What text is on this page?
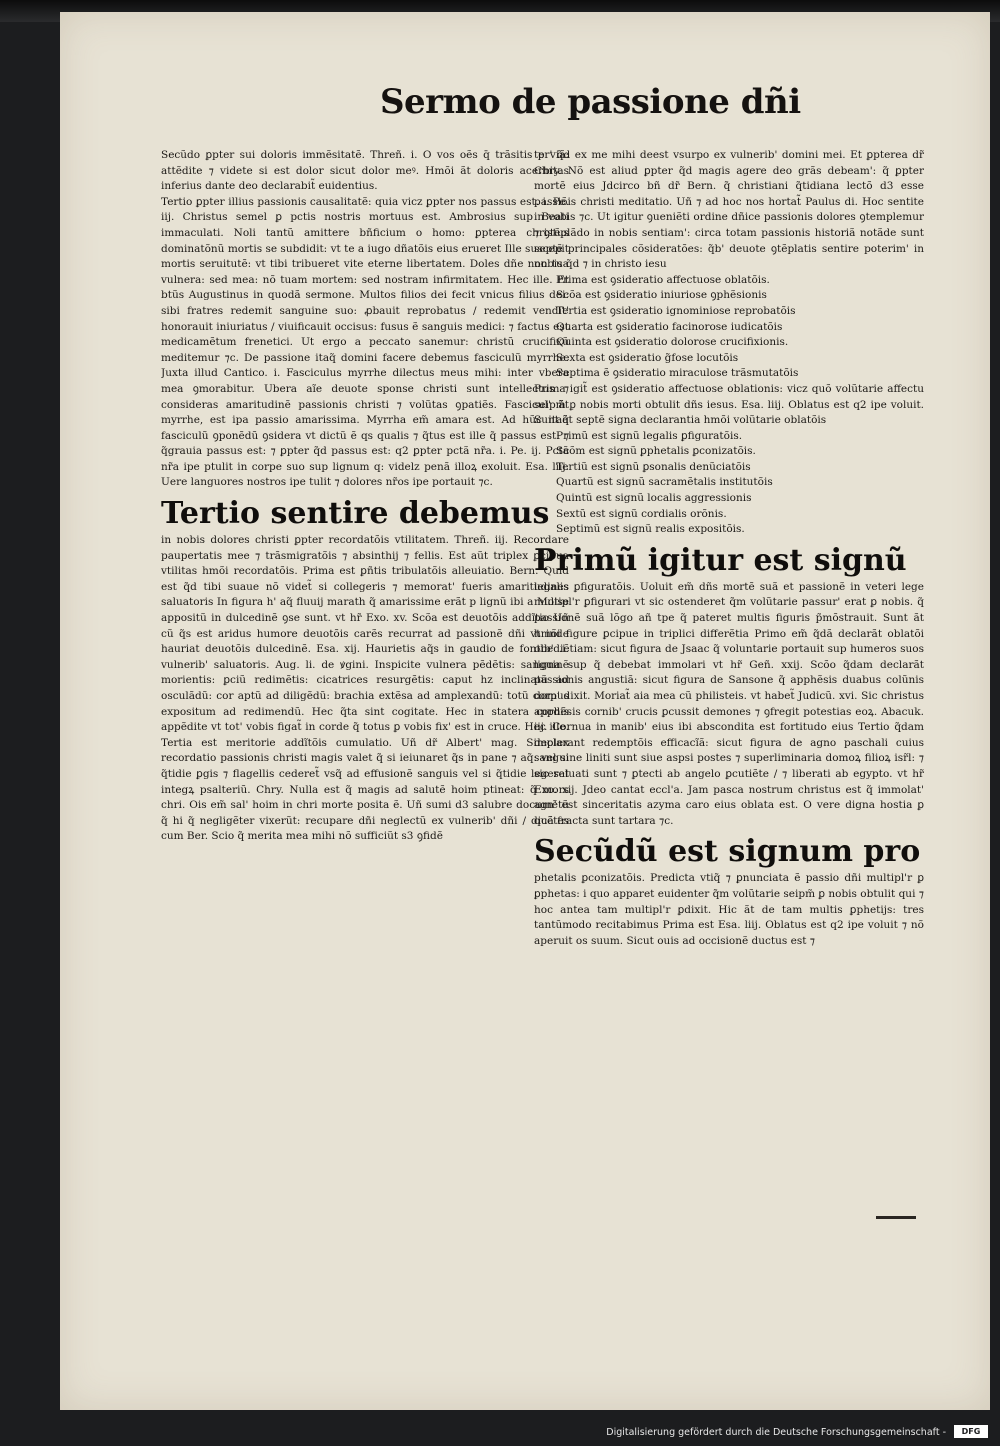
Sermo de passione dñi

Secũdo ꝑpter sui doloris immẽsitatẽ. Threñ. i. O vos oẽs q̄ trãsitis p viã: attẽdite ⁊ videte si est dolor sicut dolor meꝰ. Hmõi ãt doloris acerbitas inferius dante deo declarabit̃ euidentius.

Tertio ꝑpter illius passionis causalitatẽ: quia vicz ꝑpter nos passus est. i. Pe. iij. Christus semel ꝑ pctis nostris mortuus est. Ambrosius sup Beati immaculati. Noli tantũ amittere bñficium o homo: ꝑpterea christus dominatõnũ mortis se subdidit: vt te a iugo dñatõis eius erueret Ille suscepit mortis seruitutẽ: vt tibi tribueret vite eterne libertatem. Doles dñe non tua vulnera: sed mea: nõ tuam mortem: sed nostram infirmitatem. Hec ille. Et btũs Augustinus in quodã sermone. Multos filios dei fecit vnicus filius dei: sibi fratres redemit sanguine suo: ꝓbauit reprobatus / redemit vendit' honorauit iniuriatus / viuificauit occisus: fusus ẽ sanguis medici: ⁊ factus est medicamẽtum frenetici. Ut ergo a peccato sanemur: christũ crucifixũ meditemur ⁊c. De passione itaq̃ domini facere debemus fasciculũ myrrhe. Juxta illud Cantico. i. Fasciculus myrrhe dilectus meus mihi: inter vbera mea ꝯmorabitur. Ubera aĩe deuote sponse christi sunt intellectus ⁊ consideras amaritudinẽ passionis christi ⁊ volũtas ꝯpatiẽs. Fascicul' ãt myrrhe, est ipa passio amarissima. Myrrha em̃ amara est. Ad hũc itaq̃ fasciculũ ꝯponẽdũ ꝯsidera vt dictũ ẽ qs qualis ⁊ q̃tus est ille q̃ passus est: ⁊ q̃grauia passus est: ⁊ ꝑpter q̃d passus est: q2 ꝑpter pctã nr̃a. i. Pe. ij. Pctã nr̃a ipe ptulit in corpe suo sup lignum q: videlz penã illoꝝ exoluit. Esa. liij. Uere languores nostros ipe tulit ⁊ dolores nr̃os ipe portauit ⁊c.

Tertio sentire debemus

in nobis dolores christi ꝑpter recordatõis vtilitatem. Threñ. iij. Recordare paupertatis mee ⁊ trãsmigratõis ⁊ absinthij ⁊ fellis. Est aũt triplex ꝑcipua vtilitas hmõi recordatõis. Prima est ꝑñtis tribulatõis alleuiatio. Bern. Quid est q̃d tibi suaue nõ videt̃ si collegeris ⁊ memorat' fueris amaritudines saluatoris In figura h' aq̃ fluuij marath q̃ amarissime erãt p lignũ ibi a Moise appositũ in dulcedinẽ ꝯse sunt. vt hr̃ Exo. xv. Scõa est deuotõis addĩtio Uñ cũ q̃s est aridus humore deuotõis carẽs recurrat ad passionẽ dñi vt inde hauriat deuotõis dulcedinẽ. Esa. xij. Haurietis aq̃s in gaudio de fontib' .i. vulnerib' saluatoris. Aug. li. de ꝟgini. Inspicite vulnera pẽdẽtis: sanguinẽ morientis: ꝑciũ redimẽtis: cicatrices resurgẽtis: caput hz inclinatũ ad osculãdũ: cor aptũ ad diligẽdũ: brachia extẽsa ad amplexandũ: totũ corpus expositum ad redimendũ. Hec q̃ta sint cogitate. Hec in statera cordis appẽdite vt tot' vobis figat̃ in corde q̃ totus ꝑ vobis fix' est in cruce. Hec ille. Tertia est meritorie addĩtõis cumulatio. Uñ dr̃ Albert' mag. Simplex recordatio passionis christi magis valet q̃ si ieiunaret q̃s in pane ⁊ aq̃: vel si q̃tidie ꝑgis ⁊ flagellis cederet̃ vsq̃ ad effusionẽ sanguis vel si q̃tidie legeret integꝝ psalteriũ. Chry. Nulla est q̃ magis ad salutẽ hoim ptineat: q̃ mors chri. Ois em̃ sal' hoim in chri morte posita ẽ. Uñ sumi d3 salubre documẽtũ q̃ hi q̃ negligẽter vixerũt: recupare dñi neglectũ ex vulnerib' dñi / dicẽtes cum Ber. Scio q̃ merita mea mihi nõ sufficiũt s3 ꝯfidẽ

ter' q̃d ex me mihi deest vsurpo ex vulnerib' domini mei. Et ꝑpterea dr̃ Chry. Nõ est aliud ꝑpter q̃d magis agere deo grãs debeam': q̃ ꝑpter mortẽ eius Jdcirco bñ dr̃ Bern. q̃ christiani q̃tidiana lectõ d3 esse passiõis christi meditatio. Uñ ⁊ ad hoc nos hortat̃ Paulus di. Hoc sentite in vobis ⁊c. Ut igitur ꝯueniẽti ordine dñice passionis dolores ꝯtemplemur ⁊ ꝯtẽplãdo in nobis sentiam': circa totam passionis historiã notãde sunt septẽ principales cõsideratões: q̃b' deuote ꝯtẽplatis sentire poterim' in nobis q̃d ⁊ in christo iesu

Prima est ꝯsideratio affectuose oblatõis.

Scõa est ꝯsideratio iniuriose ꝯphẽsionis

Tertia est ꝯsideratio ignominiose reprobatõis

Quarta est ꝯsideratio facinorose iudicatõis

Quinta est ꝯsideratio dolorose crucifixionis.

Sexta est ꝯsideratio g̃fose locutõis

Septima ẽ ꝯsideratio miraculose trãsmutatõis

Prima igit̃ est ꝯsideratio affectuose oblationis: vicz quõ volũtarie affectu seipm̃ ꝑ nobis morti obtulit dñs iesus. Esa. liij. Oblatus est q2 ipe voluit. Sunt ãt septẽ signa declarantia hmõi volũtarie oblatõis

Primũ est signũ legalis ꝑfiguratõis.

Scõm est signũ ꝑphetalis ꝑconizatõis.

Tertiũ est signũ ꝑsonalis denũciatõis

Quartũ est signũ sacramẽtalis institutõis

Quintũ est signũ localis aggressionis

Sextũ est signũ cordialis orõnis.

Septimũ est signũ realis expositõis.

Primũ igitur est signũ

legalis ꝑfiguratõis. Uoluit em̃ dñs mortẽ suã et passionẽ in veteri lege multipl'r ꝑfigurari vt sic ostenderet q̃m volũtarie passur' erat ꝑ nobis. q̃ passionẽ suã lõgo añ tpe q̃ pateret multis figuris p̃mõstrauit. Sunt ãt hmõi figure ꝑcipue in triplici differẽtia Primo em̃ q̃dã declarãt oblatõi obediẽtiam: sicut figura de Jsaac q̃ voluntarie portauit sup humeros suos ligna sup q̃ debebat immolari vt hr̃ Geñ. xxij. Scõo q̃dam declarãt passionis angustiã: sicut figura de Sansone q̃ apphẽsis duabus colũnis dom' dixit. Moriat̃ aia mea cũ philisteis. vt habet̃ Judicũ. xvi. Sic christus apphẽsis cornib' crucis ꝑcussit demones ⁊ ꝯfregit potestias eoꝝ. Abacuk. iij. Cornua in manib' eius ibi abscondita est fortitudo eius Tertio q̃dam declarant redemptõis efficacĩã: sicut figura de agno paschali cuius sanguine liniti sunt siue aspsi postes ⁊ superliminaria domoꝝ filioꝝ isr̃l: ⁊ sic saluati sunt ⁊ ꝑtecti ab angelo ꝑcutiẽte / ⁊ liberati ab egypto. vt hr̃ Exo. xij. Jdeo cantat eccl'a. Jam pasca nostrum christus est q̃ immolat' agn' est sinceritatis azyma caro eius oblata est. O vere digna hostia ꝑ quã fracta sunt tartara ⁊c.

Secũdũ est signum pro

phetalis ꝑconizatõis. Predicta vtiq̃ ⁊ ꝑnunciata ẽ passio dñi multipl'r ꝑ ꝑphetas: i quo apparet euidenter q̃m volũtarie seipm̃ ꝑ nobis obtulit qui ⁊ hoc antea tam multipl'r ꝑdixit. Hic ãt de tam multis ꝑphetijs: tres tantũmodo recitabimus Prima est Esa. liij. Oblatus est q2 ipe voluit ⁊ nõ aperuit os suum. Sicut ouis ad occisionẽ ductus est ⁊

Digitalisierung gefördert durch die Deutsche Forschungsgemeinschaft -	DFG
